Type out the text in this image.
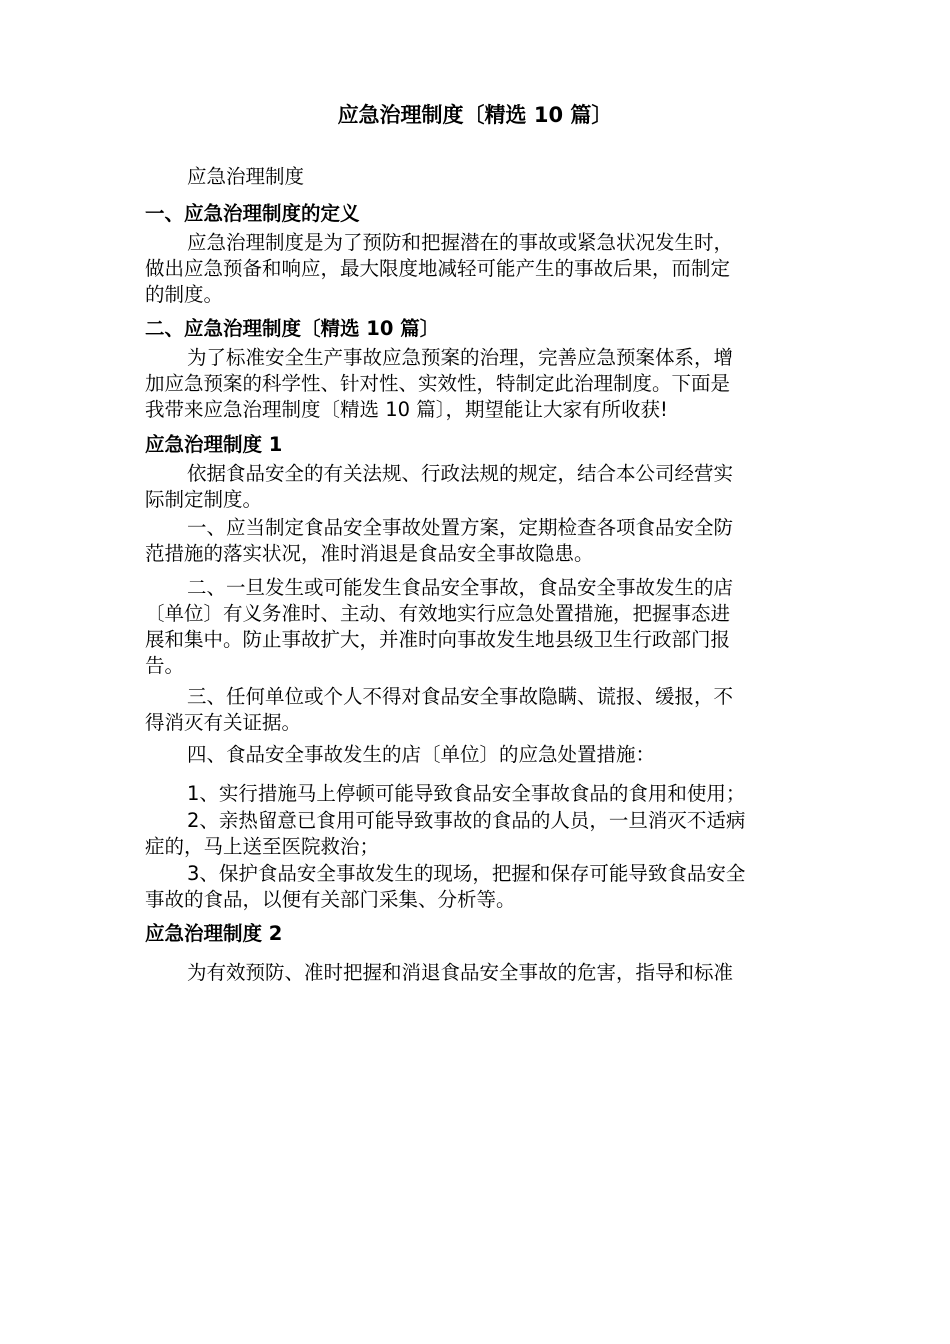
应急治理制度〔精选 10 篇〕

应急治理制度

一、应急治理制度的定义

应急治理制度是为了预防和把握潜在的事故或紧急状况发生时，
做出应急预备和响应，最大限度地减轻可能产生的事故后果，而制定
的制度。

二、应急治理制度〔精选 10 篇〕

为了标准安全生产事故应急预案的治理，完善应急预案体系，增
加应急预案的科学性、针对性、实效性，特制定此治理制度。下面是
我带来应急治理制度〔精选 10 篇〕，期望能让大家有所收获!

应急治理制度 1

依据食品安全的有关法规、行政法规的规定，结合本公司经营实
际制定制度。

一、应当制定食品安全事故处置方案，定期检查各项食品安全防
范措施的落实状况，准时消退是食品安全事故隐患。

二、一旦发生或可能发生食品安全事故，食品安全事故发生的店
〔单位〕有义务准时、主动、有效地实行应急处置措施，把握事态进
展和集中。防止事故扩大，并准时向事故发生地县级卫生行政部门报
告。

三、任何单位或个人不得对食品安全事故隐瞒、谎报、缓报，不
得消灭有关证据。

四、食品安全事故发生的店〔单位〕的应急处置措施：

1、实行措施马上停顿可能导致食品安全事故食品的食用和使用；

2、亲热留意已食用可能导致事故的食品的人员，一旦消灭不适病
症的，马上送至医院救治；

3、保护食品安全事故发生的现场，把握和保存可能导致食品安全
事故的食品，以便有关部门采集、分析等。

应急治理制度 2

为有效预防、准时把握和消退食品安全事故的危害，指导和标准
